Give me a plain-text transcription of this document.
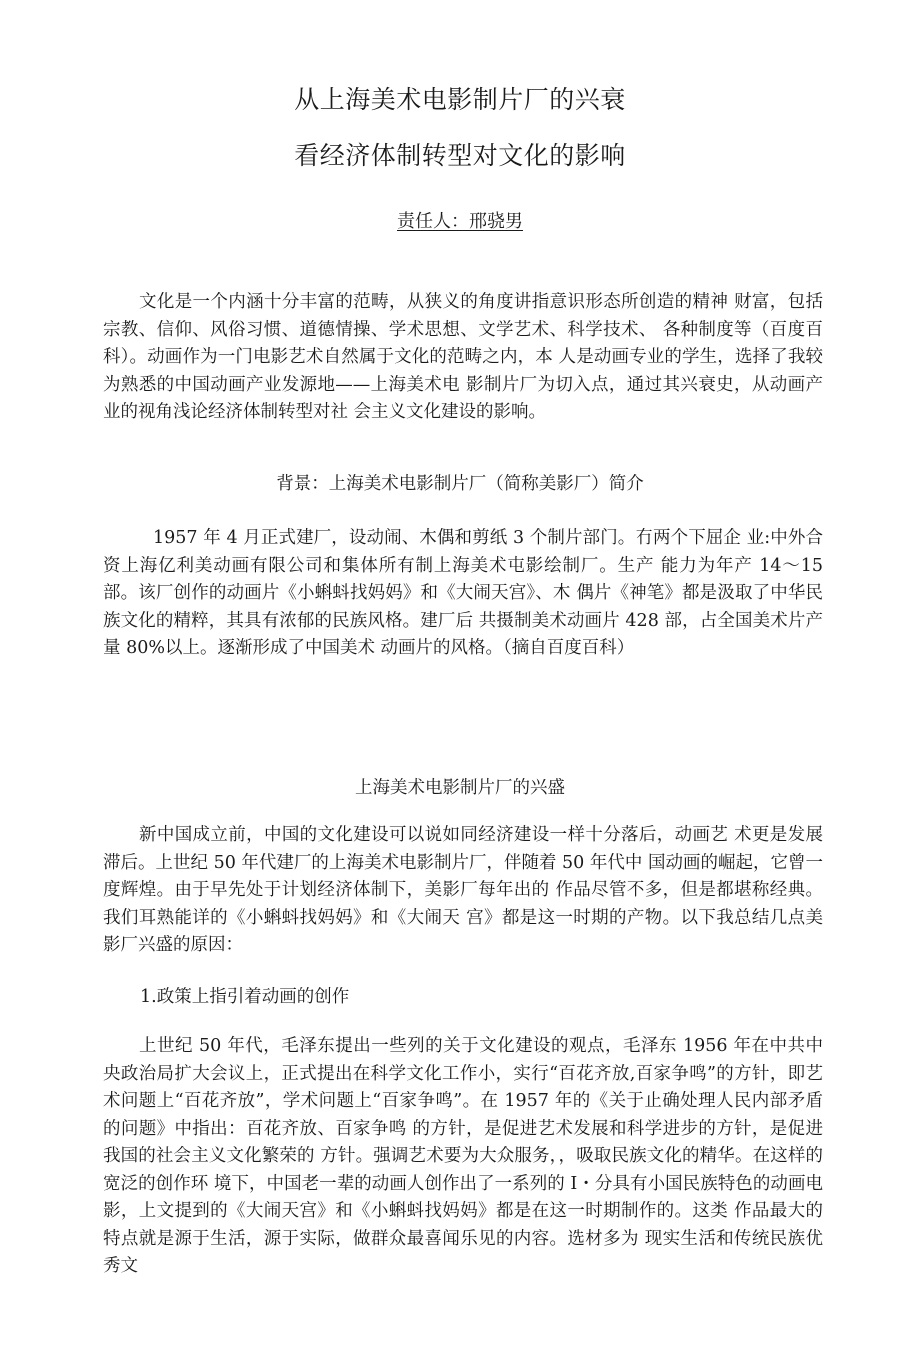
从上海美术电影制片厂的兴衰
看经济体制转型对文化的影响
责任人：邢骁男

文化是一个内涵十分丰富的范畴，从狭义的角度讲指意识形态所创造的精神 财富，包括宗教、信仰、风俗习惯、道德情操、学术思想、文学艺术、科学技术、 各种制度等（百度百科）。动画作为一门电影艺术自然属于文化的范畴之内，本 人是动画专业的学生，选择了我较为熟悉的中国动画产业发源地——上海美术电 影制片厂为切入点，通过其兴衰史，从动画产业的视角浅论经济体制转型对社 会主义文化建设的影响。

背景：上海美术电影制片厂（简称美影厂）简介

1957 年 4 月正式建厂，设动闹、木偶和剪纸 3 个制片部门。冇两个下屈企 业:中外合资上海亿利美动画有限公司和集体所有制上海美术屯影绘制厂。生产 能力为年产 14～15 部。该厂创作的动画片《小蝌蚪找妈妈》和《大闹天宫》、木 偶片《神笔》都是汲取了中华民族文化的精粹，其具有浓郁的民族风格。建厂后 共摄制美术动画片 428 部，占全国美术片产量 80%以上。逐渐形成了中国美术 动画片的风格。（摘自百度百科）

上海美术电影制片厂的兴盛

新中国成立前，中国的文化建设可以说如同经济建设一样十分落后，动画艺 术更是发展滞后。上世纪 50 年代建厂的上海美术电影制片厂，伴随着 50 年代中 国动画的崛起，它曾一度辉煌。由于早先处于计划经济体制下，美影厂每年出的 作品尽管不多，但是都堪称经典。我们耳熟能详的《小蝌蚪找妈妈》和《大闹天 宫》都是这一时期的产物。以下我总结几点美影厂兴盛的原因：

1.政策上指引着动画的创作

上世纪 50 年代，毛泽东提出一些列的关于文化建设的观点，毛泽东 1956 年在中共中央政治局扩大会议上，正式提出在科学文化工作小，实行“百花齐放,百家争鸣”的方针，即艺术问题上“百花齐放”，学术问题上“百家争鸣”。在 1957 年的《关于止确处理人民内部矛盾的问题》中指出：百花齐放、百家争鸣 的方针，是促进艺术发展和科学进步的方针，是促进我国的社会主义文化繁荣的 方针。强调艺术要为大众服务，，吸取民族文化的精华。在这样的宽泛的创作环 境下，中国老一辈的动画人创作出了一系列的 I・分具有小国民族特色的动画电影，上文提到的《大闹天宫》和《小蝌蚪找妈妈》都是在这一时期制作的。这类 作品最大的特点就是源于生活，源于实际，做群众最喜闻乐见的内容。选材多为 现实生活和传统民族优秀文
